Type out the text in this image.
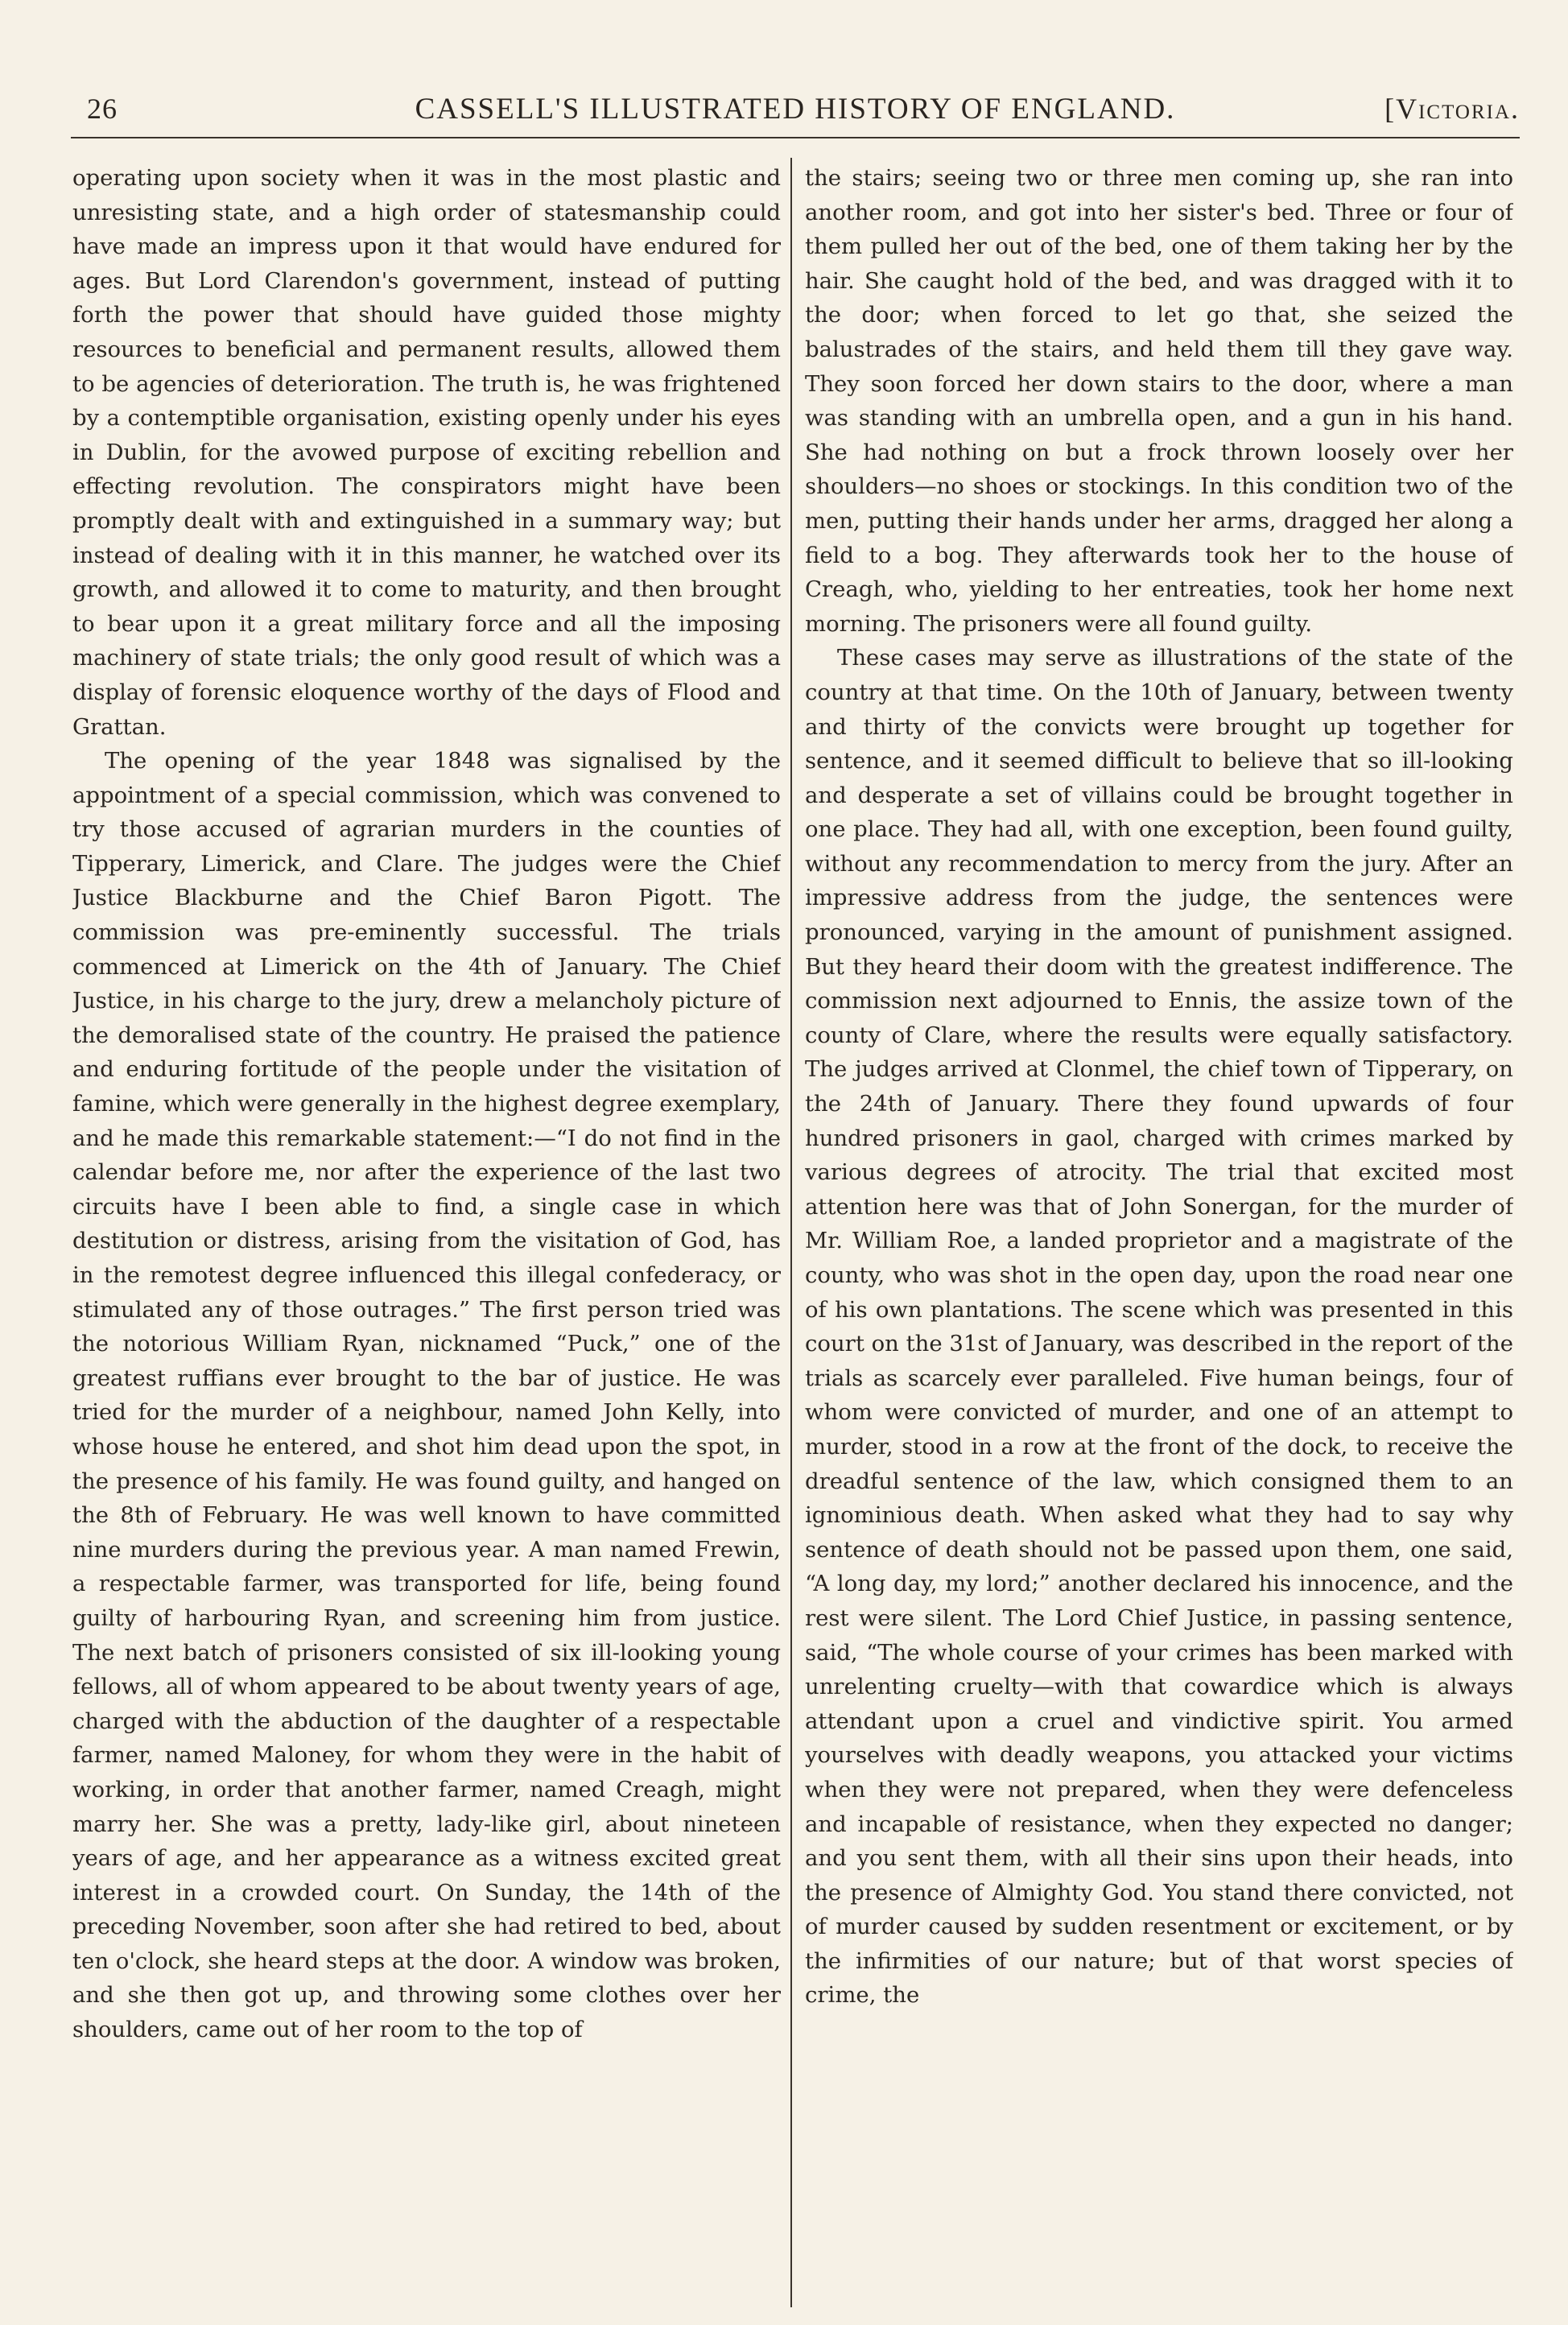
26	CASSELL'S ILLUSTRATED HISTORY OF ENGLAND.	[Victoria.

operating upon society when it was in the most plastic and unresisting state, and a high order of statesmanship could have made an impress upon it that would have endured for ages. But Lord Clarendon's government, instead of putting forth the power that should have guided those mighty resources to beneficial and permanent results, allowed them to be agencies of deterioration. The truth is, he was frightened by a contemptible organisation, existing openly under his eyes in Dublin, for the avowed purpose of exciting rebellion and effecting revolution. The conspirators might have been promptly dealt with and extinguished in a summary way; but instead of dealing with it in this manner, he watched over its growth, and allowed it to come to maturity, and then brought to bear upon it a great military force and all the imposing machinery of state trials; the only good result of which was a display of forensic eloquence worthy of the days of Flood and Grattan.

The opening of the year 1848 was signalised by the appointment of a special commission, which was convened to try those accused of agrarian murders in the counties of Tipperary, Limerick, and Clare. The judges were the Chief Justice Blackburne and the Chief Baron Pigott. The commission was pre-eminently successful. The trials commenced at Limerick on the 4th of January. The Chief Justice, in his charge to the jury, drew a melancholy picture of the demoralised state of the country. He praised the patience and enduring fortitude of the people under the visitation of famine, which were generally in the highest degree exemplary, and he made this remarkable statement:—“I do not find in the calendar before me, nor after the experience of the last two circuits have I been able to find, a single case in which destitution or distress, arising from the visitation of God, has in the remotest degree influenced this illegal confederacy, or stimulated any of those outrages.” The first person tried was the notorious William Ryan, nicknamed “Puck,” one of the greatest ruffians ever brought to the bar of justice. He was tried for the murder of a neighbour, named John Kelly, into whose house he entered, and shot him dead upon the spot, in the presence of his family. He was found guilty, and hanged on the 8th of February. He was well known to have committed nine murders during the previous year. A man named Frewin, a respectable farmer, was transported for life, being found guilty of harbouring Ryan, and screening him from justice. The next batch of prisoners consisted of six ill-looking young fellows, all of whom appeared to be about twenty years of age, charged with the abduction of the daughter of a respectable farmer, named Maloney, for whom they were in the habit of working, in order that another farmer, named Creagh, might marry her. She was a pretty, lady-like girl, about nineteen years of age, and her appearance as a witness excited great interest in a crowded court. On Sunday, the 14th of the preceding November, soon after she had retired to bed, about ten o'clock, she heard steps at the door. A window was broken, and she then got up, and throwing some clothes over her shoulders, came out of her room to the top of

the stairs; seeing two or three men coming up, she ran into another room, and got into her sister's bed. Three or four of them pulled her out of the bed, one of them taking her by the hair. She caught hold of the bed, and was dragged with it to the door; when forced to let go that, she seized the balustrades of the stairs, and held them till they gave way. They soon forced her down stairs to the door, where a man was standing with an umbrella open, and a gun in his hand. She had nothing on but a frock thrown loosely over her shoulders—no shoes or stockings. In this condition two of the men, putting their hands under her arms, dragged her along a field to a bog. They afterwards took her to the house of Creagh, who, yielding to her entreaties, took her home next morning. The prisoners were all found guilty.

These cases may serve as illustrations of the state of the country at that time. On the 10th of January, between twenty and thirty of the convicts were brought up together for sentence, and it seemed difficult to believe that so ill-looking and desperate a set of villains could be brought together in one place. They had all, with one exception, been found guilty, without any recommendation to mercy from the jury. After an impressive address from the judge, the sentences were pronounced, varying in the amount of punishment assigned. But they heard their doom with the greatest indifference. The commission next adjourned to Ennis, the assize town of the county of Clare, where the results were equally satisfactory. The judges arrived at Clonmel, the chief town of Tipperary, on the 24th of January. There they found upwards of four hundred prisoners in gaol, charged with crimes marked by various degrees of atrocity. The trial that excited most attention here was that of John Sonergan, for the murder of Mr. William Roe, a landed proprietor and a magistrate of the county, who was shot in the open day, upon the road near one of his own plantations. The scene which was presented in this court on the 31st of January, was described in the report of the trials as scarcely ever paralleled. Five human beings, four of whom were convicted of murder, and one of an attempt to murder, stood in a row at the front of the dock, to receive the dreadful sentence of the law, which consigned them to an ignominious death. When asked what they had to say why sentence of death should not be passed upon them, one said, “A long day, my lord;” another declared his innocence, and the rest were silent. The Lord Chief Justice, in passing sentence, said, “The whole course of your crimes has been marked with unrelenting cruelty—with that cowardice which is always attendant upon a cruel and vindictive spirit. You armed yourselves with deadly weapons, you attacked your victims when they were not prepared, when they were defenceless and incapable of resistance, when they expected no danger; and you sent them, with all their sins upon their heads, into the presence of Almighty God. You stand there convicted, not of murder caused by sudden resentment or excitement, or by the infirmities of our nature; but of that worst species of crime, the
